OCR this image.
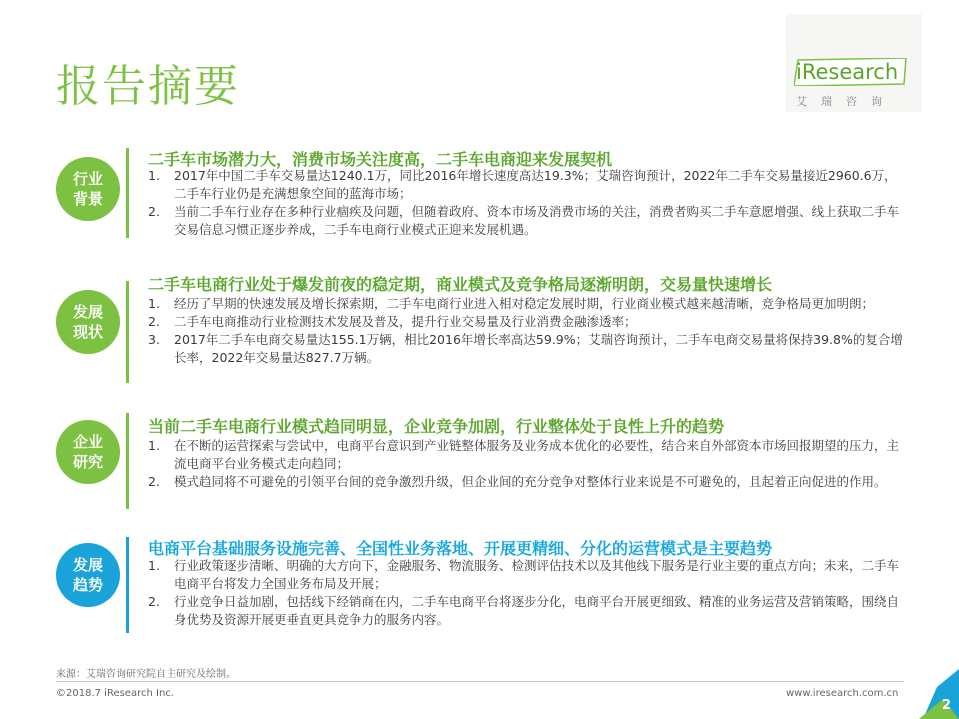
报告摘要	iResearch
艾瑞咨询
行业
背景
二手车市场潜力大，消费市场关注度高，二手车电商迎来发展契机
1. 2017年中国二手车交易量达1240.1万，同比2016年增长速度高达19.3%；艾瑞咨询预计，2022年二手车交易量接近2960.6万，二手车行业仍是充满想象空间的蓝海市场；
2. 当前二手车行业存在多种行业痼疾及问题，但随着政府、资本市场及消费市场的关注，消费者购买二手车意愿增强、线上获取二手车交易信息习惯正逐步养成，二手车电商行业模式正迎来发展机遇。
发展
现状
二手车电商行业处于爆发前夜的稳定期，商业模式及竞争格局逐渐明朗，交易量快速增长
1. 经历了早期的快速发展及增长探索期，二手车电商行业进入相对稳定发展时期，行业商业模式越来越清晰，竞争格局更加明朗；
2. 二手车电商推动行业检测技术发展及普及，提升行业交易量及行业消费金融渗透率；
3. 2017年二手车电商交易量达155.1万辆，相比2016年增长率高达59.9%；艾瑞咨询预计，二手车电商交易量将保持39.8%的复合增长率，2022年交易量达827.7万辆。
企业
研究
当前二手车电商行业模式趋同明显，企业竞争加剧，行业整体处于良性上升的趋势
1. 在不断的运营探索与尝试中，电商平台意识到产业链整体服务及业务成本优化的必要性，结合来自外部资本市场回报期望的压力，主流电商平台业务模式走向趋同；
2. 模式趋同将不可避免的引领平台间的竞争激烈升级，但企业间的充分竞争对整体行业来说是不可避免的，且起着正向促进的作用。
发展
趋势
电商平台基础服务设施完善、全国性业务落地、开展更精细、分化的运营模式是主要趋势
1. 行业政策逐步清晰、明确的大方向下，金融服务、物流服务、检测评估技术以及其他线下服务是行业主要的重点方向；未来，二手车电商平台将发力全国业务布局及开展；
2. 行业竞争日益加剧，包括线下经销商在内，二手车电商平台将逐步分化，电商平台开展更细致、精准的业务运营及营销策略，围绕自身优势及资源开展更垂直更具竞争力的服务内容。
来源：艾瑞咨询研究院自主研究及绘制。
©2018.7 iResearch Inc.	www.iresearch.com.cn
2
